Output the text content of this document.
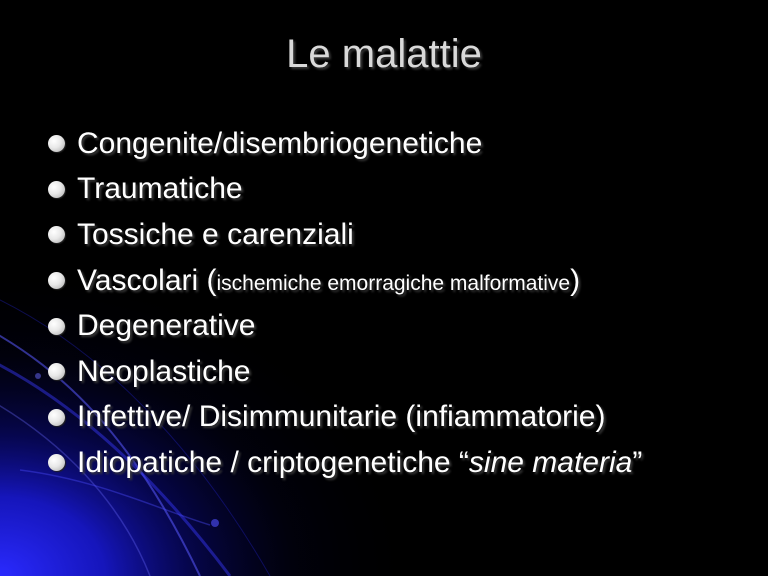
Le malattie
Congenite/disembriogenetiche
Traumatiche
Tossiche e carenziali
Vascolari (ischemiche emorragiche malformative)
Degenerative
Neoplastiche
Infettive/ Disimmunitarie (infiammatorie)
Idiopatiche / criptogenetiche “sine materia”
